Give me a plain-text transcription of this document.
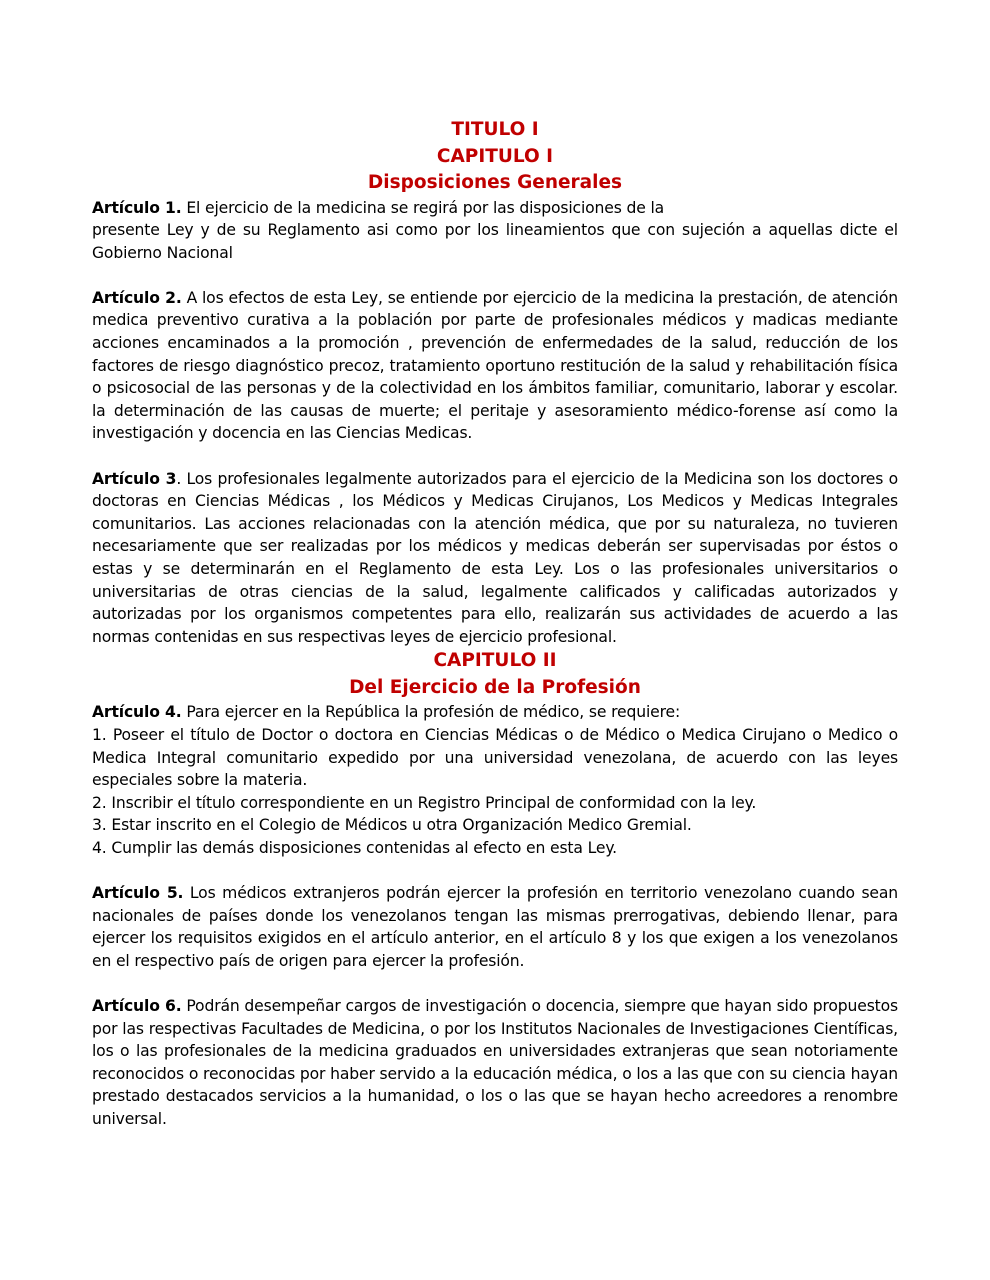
TITULO I
CAPITULO I
Disposiciones Generales

Artículo 1. El ejercicio de la medicina se regirá por las disposiciones de la
presente Ley y de su Reglamento asi como por los lineamientos que con sujeción a aquellas dicte el Gobierno Nacional

Artículo 2. A los efectos de esta Ley, se entiende por ejercicio de la medicina la prestación, de atención medica preventivo curativa a la población por parte de profesionales médicos y madicas mediante acciones encaminados a la promoción , prevención de enfermedades de la salud, reducción de los factores de riesgo diagnóstico precoz, tratamiento oportuno restitución de la salud y rehabilitación física o psicosocial de las personas y de la colectividad en los ámbitos familiar, comunitario, laborar y escolar. la determinación de las causas de muerte; el peritaje y asesoramiento médico-forense así como la investigación y docencia en las Ciencias Medicas.

Artículo 3. Los profesionales legalmente autorizados para el ejercicio de la Medicina son los doctores o doctoras en Ciencias Médicas , los Médicos y Medicas Cirujanos, Los Medicos y Medicas Integrales comunitarios. Las acciones relacionadas con la atención médica, que por su naturaleza, no tuvieren necesariamente que ser realizadas por los médicos y medicas deberán ser supervisadas por éstos o estas y se determinarán en el Reglamento de esta Ley. Los o las profesionales universitarios o universitarias de otras ciencias de la salud, legalmente calificados y calificadas autorizados y autorizadas por los organismos competentes para ello, realizarán sus actividades de acuerdo a las normas contenidas en sus respectivas leyes de ejercicio profesional.

CAPITULO II
Del Ejercicio de la Profesión

Artículo 4. Para ejercer en la República la profesión de médico, se requiere:

1. Poseer el título de Doctor o doctora en Ciencias Médicas o de Médico o Medica Cirujano o Medico o Medica Integral comunitario expedido por una universidad venezolana, de acuerdo con las leyes especiales sobre la materia.

2. Inscribir el título correspondiente en un Registro Principal de conformidad con la ley.

3. Estar inscrito en el Colegio de Médicos u otra Organización Medico Gremial.

4. Cumplir las demás disposiciones contenidas al efecto en esta Ley.

Artículo 5. Los médicos extranjeros podrán ejercer la profesión en territorio venezolano cuando sean nacionales de países donde los venezolanos tengan las mismas prerrogativas, debiendo llenar, para ejercer los requisitos exigidos en el artículo anterior, en el artículo 8 y los que exigen a los venezolanos en el respectivo país de origen para ejercer la profesión.

Artículo 6. Podrán desempeñar cargos de investigación o docencia, siempre que hayan sido propuestos por las respectivas Facultades de Medicina, o por los Institutos Nacionales de Investigaciones Científicas, los o las profesionales de la medicina graduados en universidades extranjeras que sean notoriamente reconocidos o reconocidas por haber servido a la educación médica, o los a las que con su ciencia hayan prestado destacados servicios a la humanidad, o los o las que se hayan hecho acreedores a renombre universal.
